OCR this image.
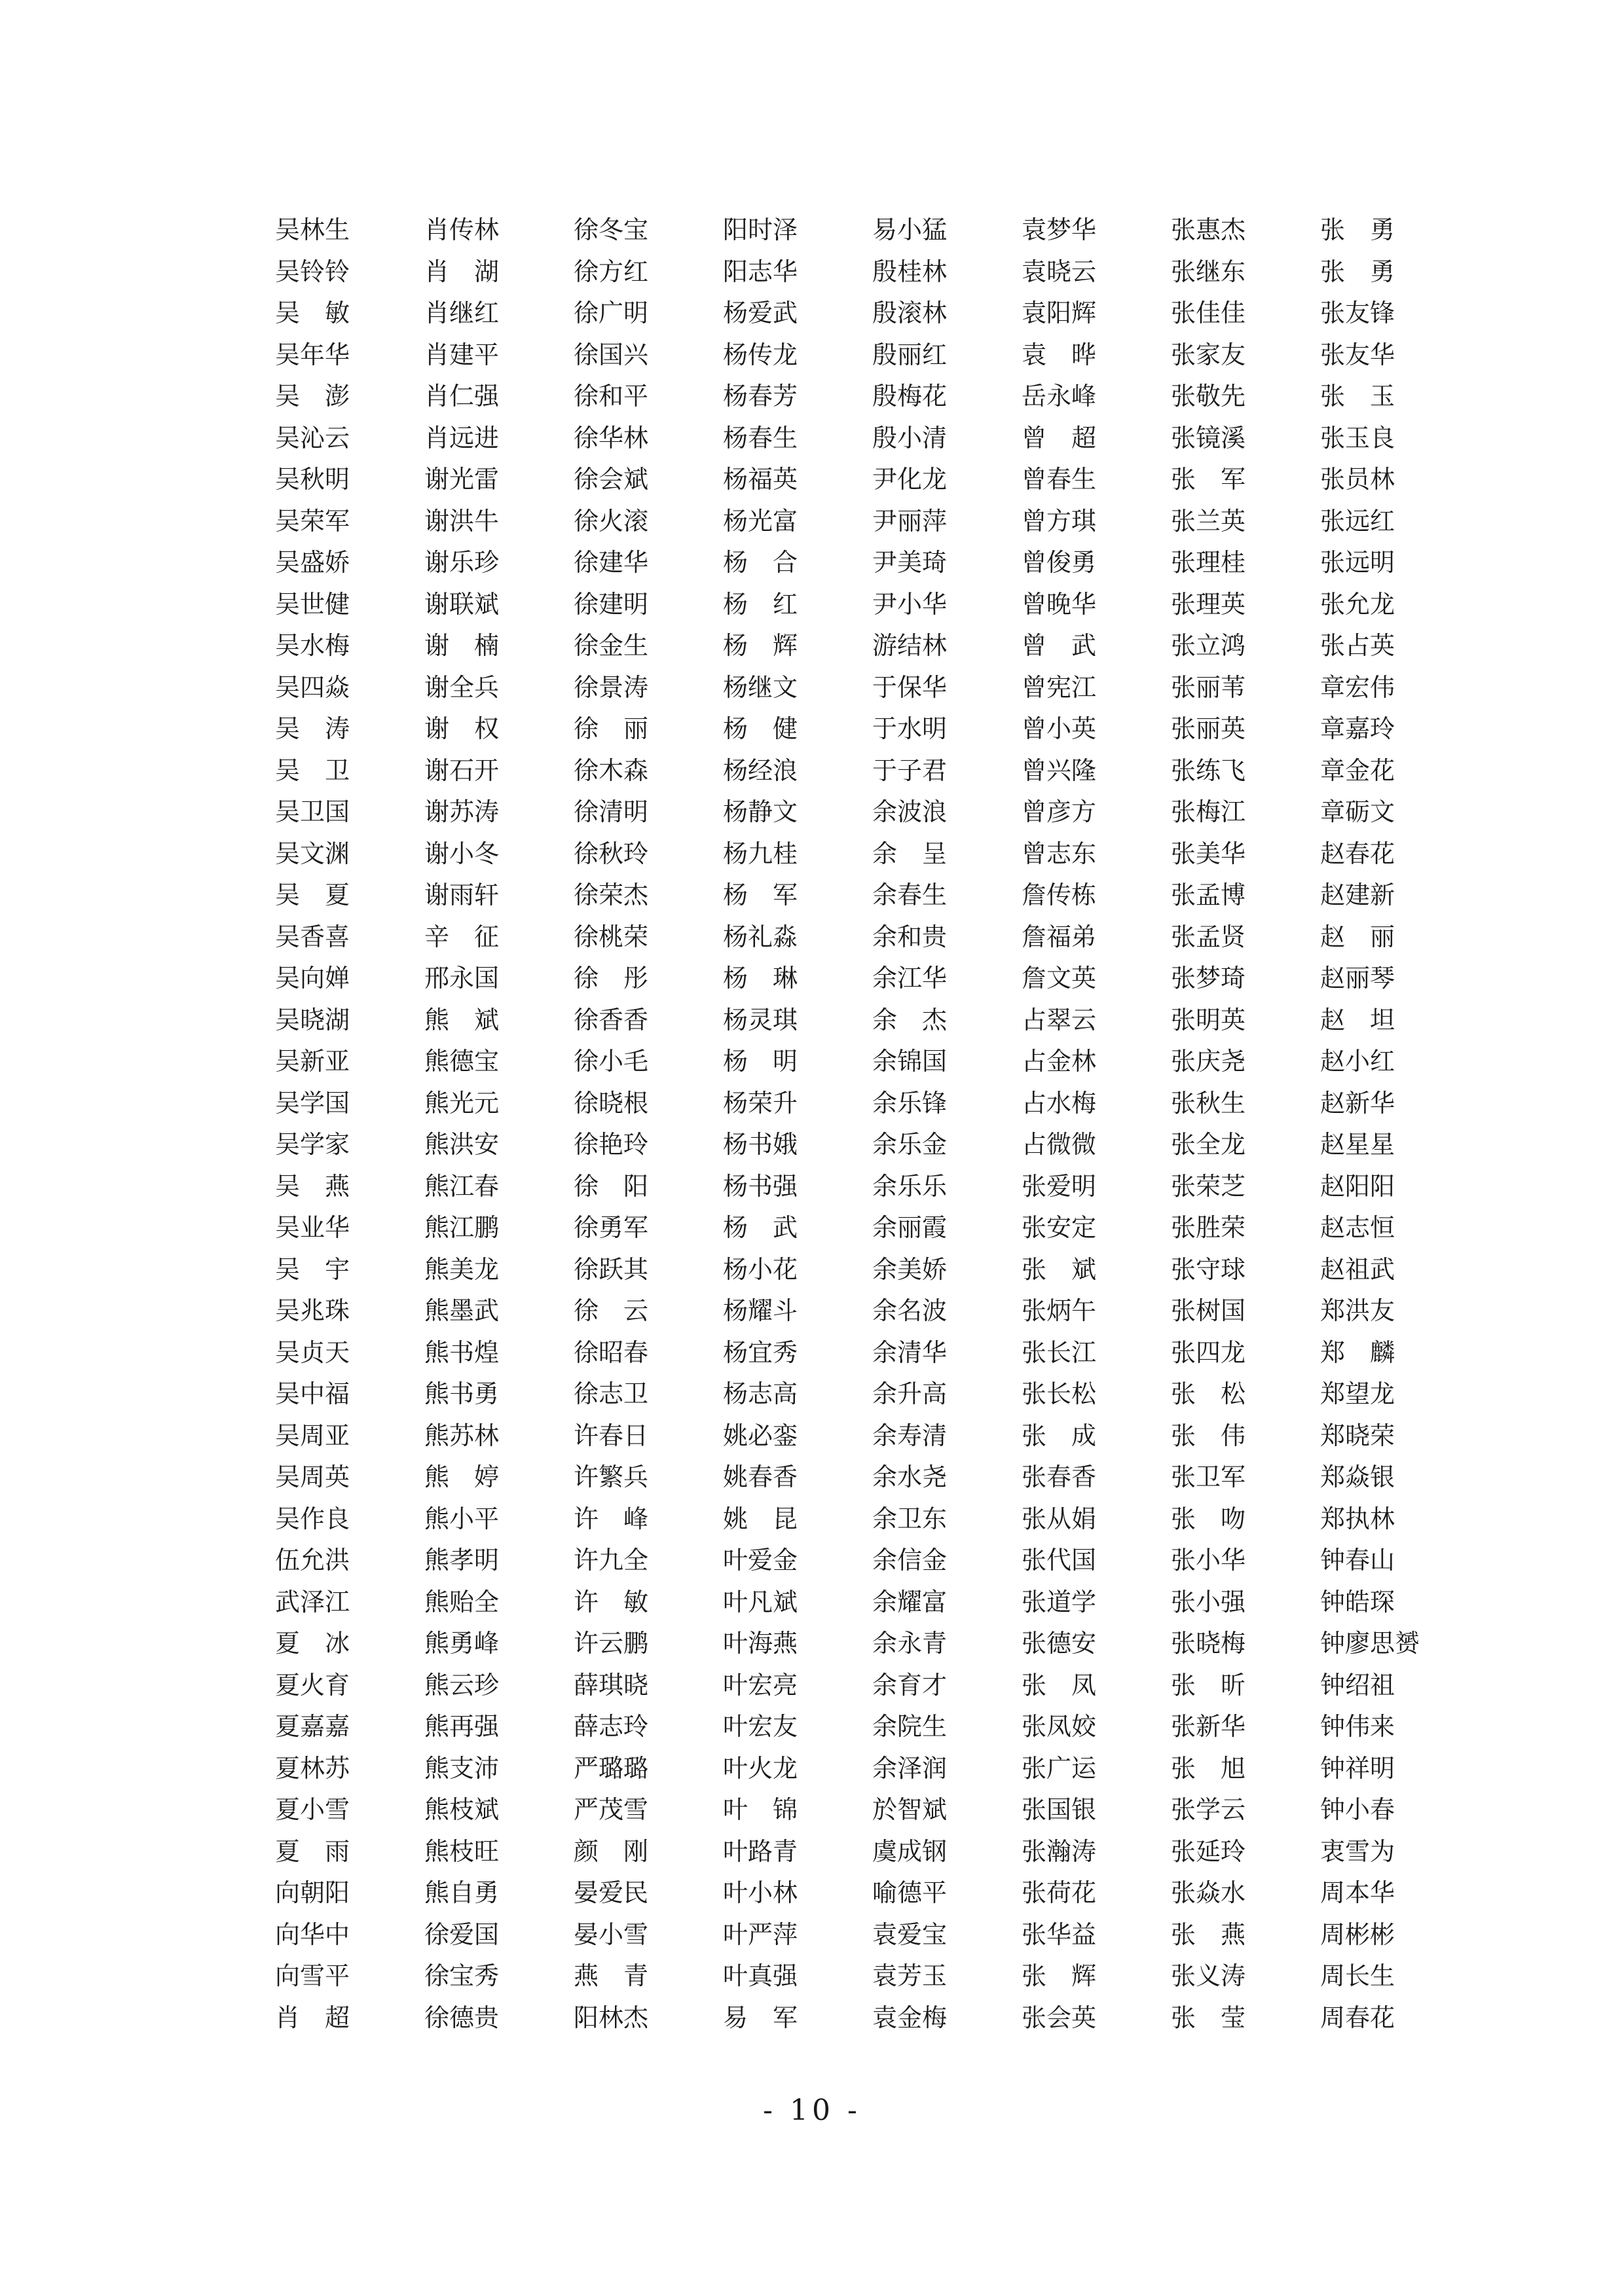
吴林生	肖传林	徐冬宝	阳时泽	易小猛	袁梦华	张惠杰	张　勇
吴铃铃	肖　湖	徐方红	阳志华	殷桂林	袁晓云	张继东	张　勇
吴　敏	肖继红	徐广明	杨爱武	殷滚林	袁阳辉	张佳佳	张友锋
吴年华	肖建平	徐国兴	杨传龙	殷丽红	袁　晔	张家友	张友华
吴　澎	肖仁强	徐和平	杨春芳	殷梅花	岳永峰	张敬先	张　玉
吴沁云	肖远进	徐华林	杨春生	殷小清	曾　超	张镜溪	张玉良
吴秋明	谢光雷	徐会斌	杨福英	尹化龙	曾春生	张　军	张员林
吴荣军	谢洪牛	徐火滚	杨光富	尹丽萍	曾方琪	张兰英	张远红
吴盛娇	谢乐珍	徐建华	杨　合	尹美琦	曾俊勇	张理桂	张远明
吴世健	谢联斌	徐建明	杨　红	尹小华	曾晚华	张理英	张允龙
吴水梅	谢　楠	徐金生	杨　辉	游结林	曾　武	张立鸿	张占英
吴四焱	谢全兵	徐景涛	杨继文	于保华	曾宪江	张丽苇	章宏伟
吴　涛	谢　权	徐　丽	杨　健	于水明	曾小英	张丽英	章嘉玲
吴　卫	谢石开	徐木森	杨经浪	于子君	曾兴隆	张练飞	章金花
吴卫国	谢苏涛	徐清明	杨静文	余波浪	曾彦方	张梅江	章砺文
吴文渊	谢小冬	徐秋玲	杨九桂	余　呈	曾志东	张美华	赵春花
吴　夏	谢雨轩	徐荣杰	杨　军	余春生	詹传栋	张孟博	赵建新
吴香喜	辛　征	徐桃荣	杨礼淼	余和贵	詹福弟	张孟贤	赵　丽
吴向婵	邢永国	徐　彤	杨　琳	余江华	詹文英	张梦琦	赵丽琴
吴晓湖	熊　斌	徐香香	杨灵琪	余　杰	占翠云	张明英	赵　坦
吴新亚	熊德宝	徐小毛	杨　明	余锦国	占金林	张庆尧	赵小红
吴学国	熊光元	徐晓根	杨荣升	余乐锋	占水梅	张秋生	赵新华
吴学家	熊洪安	徐艳玲	杨书娥	余乐金	占微微	张全龙	赵星星
吴　燕	熊江春	徐　阳	杨书强	余乐乐	张爱明	张荣芝	赵阳阳
吴业华	熊江鹏	徐勇军	杨　武	余丽霞	张安定	张胜荣	赵志恒
吴　宇	熊美龙	徐跃其	杨小花	余美娇	张　斌	张守球	赵祖武
吴兆珠	熊墨武	徐　云	杨耀斗	余名波	张炳午	张树国	郑洪友
吴贞天	熊书煌	徐昭春	杨宜秀	余清华	张长江	张四龙	郑　麟
吴中福	熊书勇	徐志卫	杨志高	余升高	张长松	张　松	郑望龙
吴周亚	熊苏林	许春日	姚必銮	余寿清	张　成	张　伟	郑晓荣
吴周英	熊　婷	许繁兵	姚春香	余水尧	张春香	张卫军	郑焱银
吴作良	熊小平	许　峰	姚　昆	余卫东	张从娟	张　吻	郑执林
伍允洪	熊孝明	许九全	叶爱金	余信金	张代国	张小华	钟春山
武泽江	熊贻全	许　敏	叶凡斌	余耀富	张道学	张小强	钟皓琛
夏　冰	熊勇峰	许云鹏	叶海燕	余永青	张德安	张晓梅	钟廖思赟
夏火育	熊云珍	薛琪晓	叶宏亮	余育才	张　凤	张　昕	钟绍祖
夏嘉嘉	熊再强	薛志玲	叶宏友	余院生	张凤姣	张新华	钟伟来
夏林苏	熊支沛	严璐璐	叶火龙	余泽润	张广运	张　旭	钟祥明
夏小雪	熊枝斌	严茂雪	叶　锦	於智斌	张国银	张学云	钟小春
夏　雨	熊枝旺	颜　刚	叶路青	虞成钢	张瀚涛	张延玲	衷雪为
向朝阳	熊自勇	晏爱民	叶小林	喻德平	张荷花	张焱水	周本华
向华中	徐爱国	晏小雪	叶严萍	袁爱宝	张华益	张　燕	周彬彬
向雪平	徐宝秀	燕　青	叶真强	袁芳玉	张　辉	张义涛	周长生
肖　超	徐德贵	阳林杰	易　军	袁金梅	张会英	张　莹	周春花
- 10 -
